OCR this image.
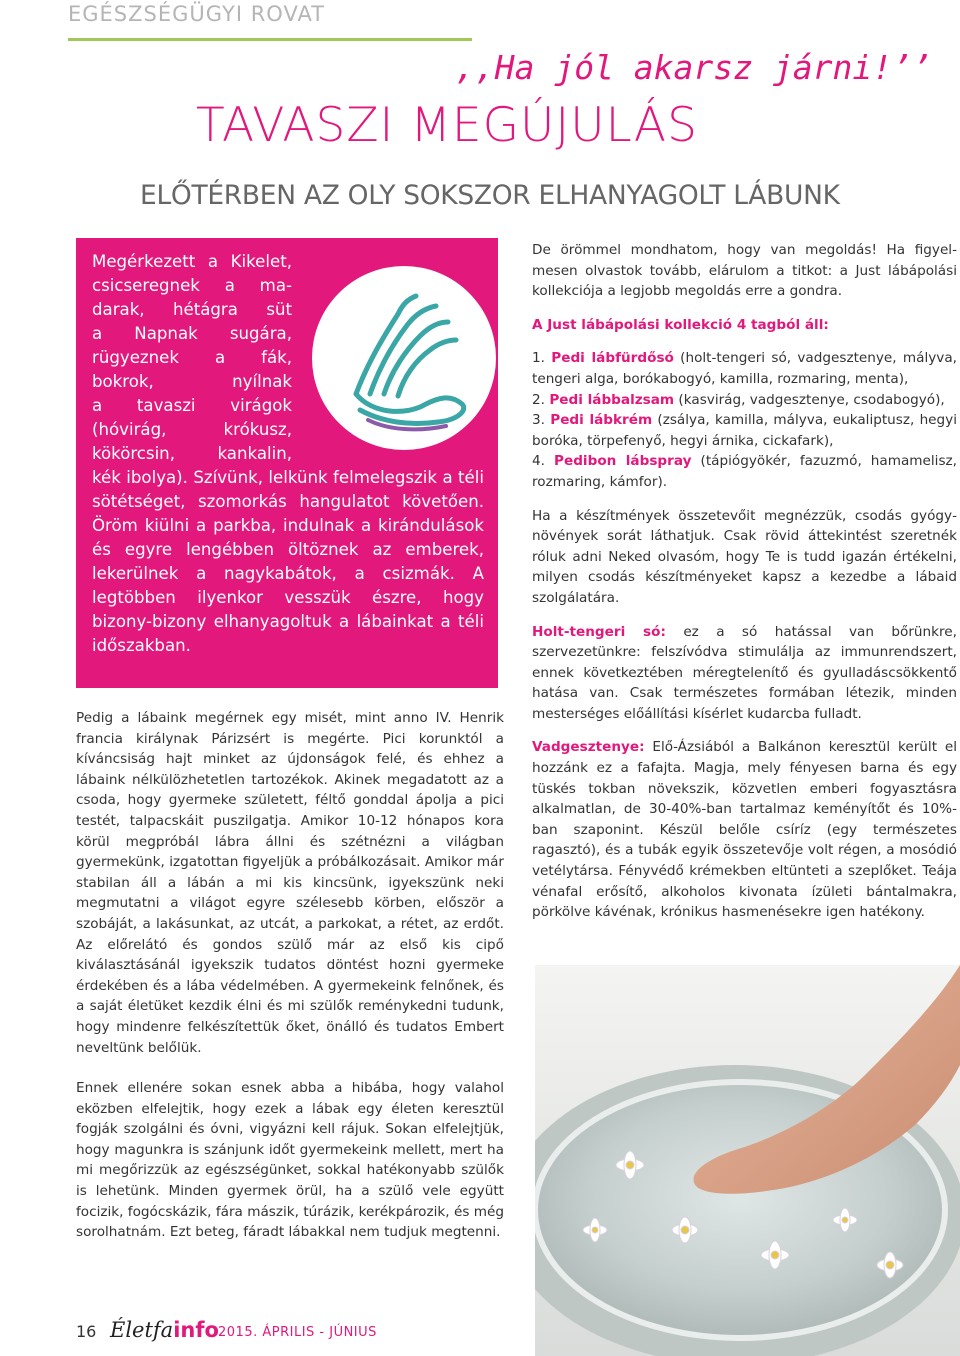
EGÉSZSÉGÜGYI ROVAT
,,Ha jól akarsz járni!’’
TAVASZI MEGÚJULÁS
ELŐTÉRBEN AZ OLY SOKSZOR ELHANYAGOLT LÁBUNK
Megérkezett a Kikelet,
csicseregnek a ma-
darak, hétágra süt
a Napnak sugára,
rügyeznek a fák,
bokrok, nyílnak
a tavaszi virágok
(hóvirág, krókusz,
kökörcsin, kankalin,
kék ibolya). Szívünk, lelkünk felmelegszik a téli sötétséget, szomorkás hangulatot követően. Öröm kiülni a parkba, indulnak a kirándulások és egyre lengébben öltöznek az emberek, lekerülnek a nagykabátok, a csizmák. A legtöbben ilyenkor vesszük észre, hogy bizony-bizony elhanyagoltuk a lábainkat a téli időszakban.

Pedig a lábaink megérnek egy misét, mint anno IV. Henrik francia királynak Párizsért is megérte. Pici korunktól a kíváncsiság hajt minket az újdonságok felé, és ehhez a lábaink nélkülözhetetlen tartozékok. Akinek megadatott az a csoda, hogy gyermeke született, féltő gonddal ápolja a pici testét, talpacskáit puszilgatja. Amikor 10-12 hónapos kora körül megpróbál lábra állni és szétnézni a világban gyermekünk, izgatottan figyeljük a próbálkozásait. Amikor már stabilan áll a lábán a mi kis kincsünk, igyekszünk neki megmutatni a világot egyre szélesebb körben, először a szobáját, a lakásunkat, az utcát, a parkokat, a rétet, az erdőt. Az előrelátó és gondos szülő már az első kis cipő kiválasztásánál igyekszik tudatos döntést hozni gyermeke érdekében és a lába védelmében. A gyermekeink felnőnek, és a saját életüket kezdik élni és mi szülők reménykedni tudunk, hogy mindenre felkészítettük őket, önálló és tudatos Embert neveltünk belőlük.

Ennek ellenére sokan esnek abba a hibába, hogy valahol eközben elfelejtik, hogy ezek a lábak egy életen keresztül fogják szolgálni és óvni, vigyázni kell rájuk. Sokan elfelejtjük, hogy magunkra is szánjunk időt gyermekeink mellett, mert ha mi megőrizzük az egészségünket, sokkal hatékonyabb szülők is lehetünk. Minden gyermek örül, ha a szülő vele együtt focizik, fogócskázik, fára mászik, túrázik, kerékpározik, és még sorolhatnám. Ezt beteg, fáradt lábakkal nem tudjuk megtenni.

De örömmel mondhatom, hogy van megoldás! Ha figyelmesen olvastok tovább, elárulom a titkot: a Just lábápolási kollekciója a legjobb megoldás erre a gondra.

A Just lábápolási kollekció 4 tagból áll:

1. Pedi lábfürdős​ó (holt-tengeri só, vadgesztenye, mályva, tengeri alga, borókabogyó, kamilla, rozmaring, menta),
2. Pedi lábbalzsam (kasvirág, vadgesztenye, csodabogyó),
3. Pedi lábkrém (zsálya, kamilla, mályva, eukaliptusz, hegyi boróka, törpefenyő, hegyi árnika, cickafark),
4. Pedibon lábspray (tápiógyökér, fazuzmó, hamamelisz, rozmaring, kámfor).

Ha a készítmények összetevőit megnézzük, csodás gyógynövények sorát láthatjuk. Csak rövid áttekintést szeretnék róluk adni Neked olvasóm, hogy Te is tudd igazán értékelni, milyen csodás készítményeket kapsz a kezedbe a lábaid szolgálatára.

Holt-tengeri só: ez a só hatással van bőrünkre, szervezetünkre: felszívódva stimulálja az immunrendszert, ennek következtében méregtelenítő és gyulladáscsökkentő hatása van. Csak természetes formában létezik, minden mesterséges előállítási kísérlet kudarcba fulladt.

Vadgesztenye: Elő-Ázsiából a Balkánon keresztül került el hozzánk ez a fafajta. Magja, mely fényesen barna és egy tüskés tokban növekszik, közvetlen emberi fogyasztásra alkalmatlan, de 30-40%-ban tartalmaz keményítőt és 10%-ban szaponint. Készül belőle csíríz (egy természetes ragasztó), és a tubák egyik összetevője volt régen, a mosódió vetélytársa. Fényvédő krémekben eltünteti a szeplőket. Teája vénafal erősítő, alkoholos kivonata ízületi bántalmakra, pörkölve kávénak, krónikus hasmenésekre igen hatékony.

16 Életfainfo 2015. ÁPRILIS - JÚNIUS
